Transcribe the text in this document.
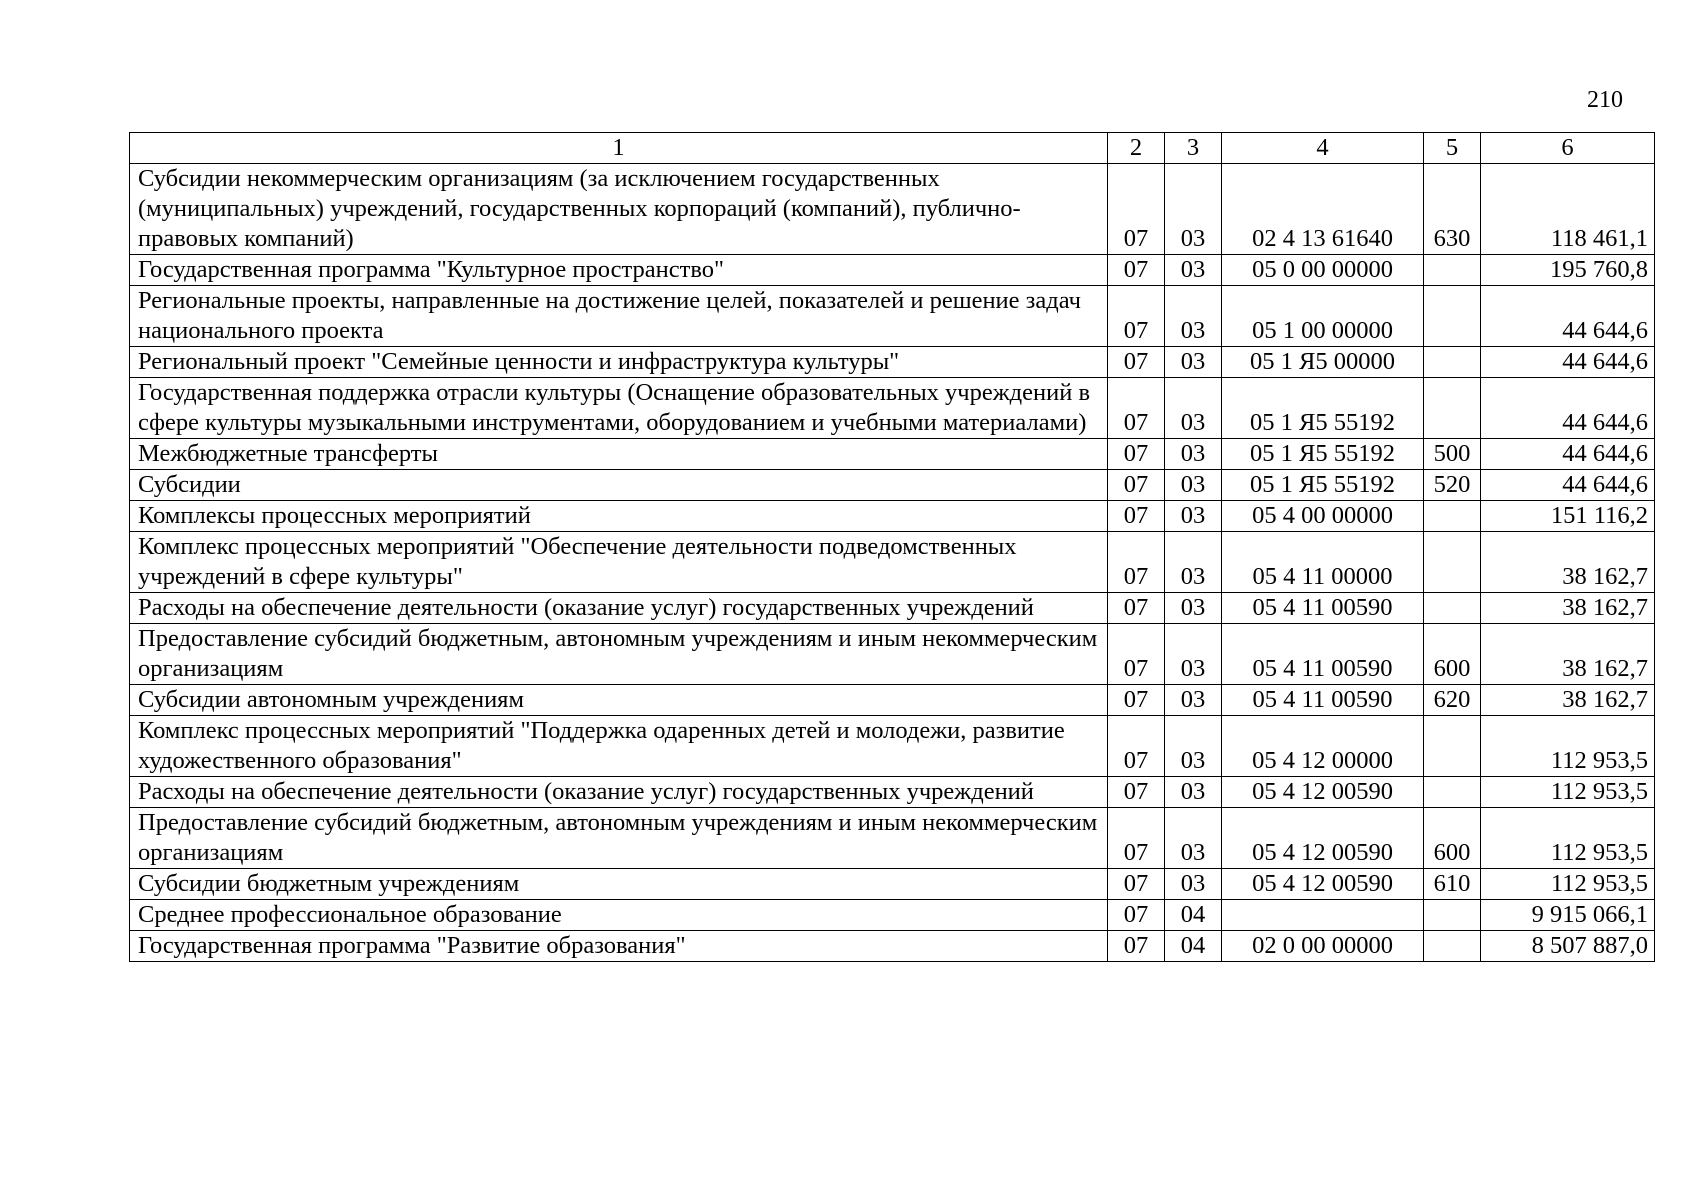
210
1	2	3	4	5	6
Субсидии некоммерческим организациям (за исключением государственных (муниципальных) учреждений, государственных корпораций (компаний), публично-правовых компаний)	07	03	02 4 13 61640	630	118 461,1
Государственная программа "Культурное пространство"	07	03	05 0 00 00000		195 760,8
Региональные проекты, направленные на достижение целей, показателей и решение задач национального проекта	07	03	05 1 00 00000		44 644,6
Региональный проект "Семейные ценности и инфраструктура культуры"	07	03	05 1 Я5 00000		44 644,6
Государственная поддержка отрасли культуры (Оснащение образовательных учреждений в сфере культуры музыкальными инструментами, оборудованием и учебными материалами)	07	03	05 1 Я5 55192		44 644,6
Межбюджетные трансферты	07	03	05 1 Я5 55192	500	44 644,6
Субсидии	07	03	05 1 Я5 55192	520	44 644,6
Комплексы процессных мероприятий	07	03	05 4 00 00000		151 116,2
Комплекс процессных мероприятий "Обеспечение деятельности подведомственных учреждений в сфере культуры"	07	03	05 4 11 00000		38 162,7
Расходы на обеспечение деятельности (оказание услуг) государственных учреждений	07	03	05 4 11 00590		38 162,7
Предоставление субсидий бюджетным, автономным учреждениям и иным некоммерческим организациям	07	03	05 4 11 00590	600	38 162,7
Субсидии автономным учреждениям	07	03	05 4 11 00590	620	38 162,7
Комплекс процессных мероприятий "Поддержка одаренных детей и молодежи, развитие художественного образования"	07	03	05 4 12 00000		112 953,5
Расходы на обеспечение деятельности (оказание услуг) государственных учреждений	07	03	05 4 12 00590		112 953,5
Предоставление субсидий бюджетным, автономным учреждениям и иным некоммерческим организациям	07	03	05 4 12 00590	600	112 953,5
Субсидии бюджетным учреждениям	07	03	05 4 12 00590	610	112 953,5
Среднее профессиональное образование	07	04			9 915 066,1
Государственная программа "Развитие образования"	07	04	02 0 00 00000		8 507 887,0
